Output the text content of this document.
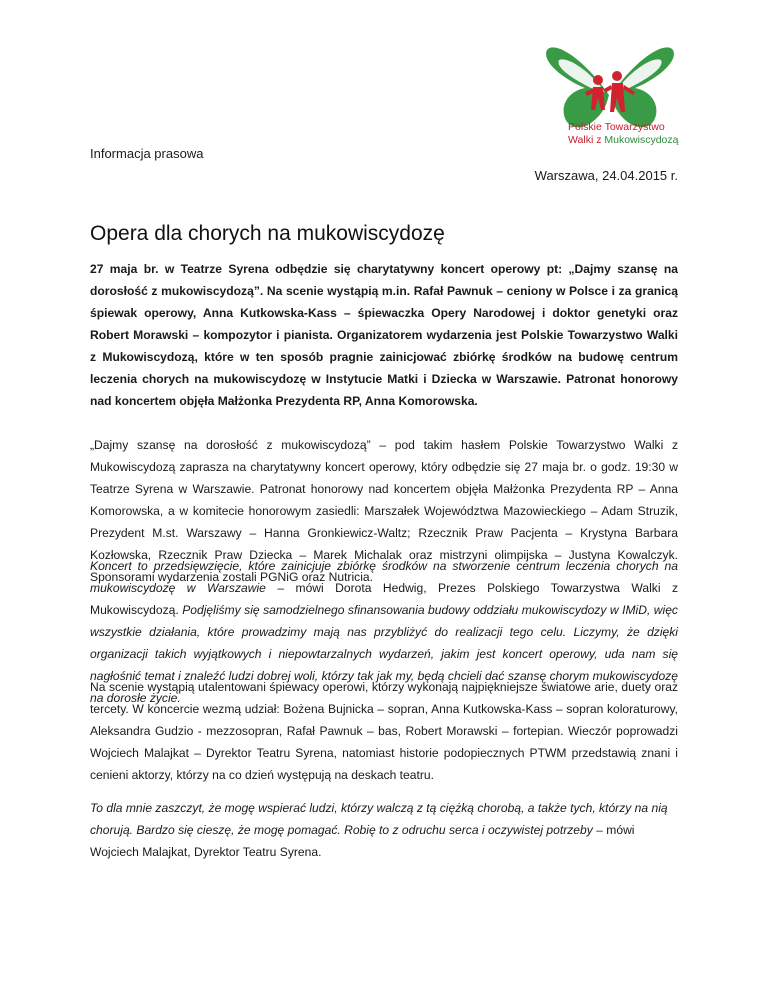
Polskie Towarzystwo
Walki z Mukowiscydozą
Informacja prasowa
Warszawa, 24.04.2015 r.
Opera dla chorych na mukowiscydozę

27 maja br. w Teatrze Syrena odbędzie się charytatywny koncert operowy pt: „Dajmy szansę na dorosłość z mukowiscydozą”. Na scenie wystąpią m.in. Rafał Pawnuk – ceniony w Polsce i za granicą śpiewak operowy, Anna Kutkowska-Kass – śpiewaczka Opery Narodowej i doktor genetyki oraz Robert Morawski – kompozytor i pianista. Organizatorem wydarzenia jest Polskie Towarzystwo Walki z Mukowiscydozą, które w ten sposób pragnie zainicjować zbiórkę środków na budowę centrum leczenia chorych na mukowiscydozę w Instytucie Matki i Dziecka w Warszawie. Patronat honorowy nad koncertem objęła Małżonka Prezydenta RP, Anna Komorowska.

„Dajmy szansę na dorosłość z mukowiscydozą” – pod takim hasłem Polskie Towarzystwo Walki z Mukowiscydozą zaprasza na charytatywny koncert operowy, który odbędzie się 27 maja br. o godz. 19:30 w Teatrze Syrena w Warszawie. Patronat honorowy nad koncertem objęła Małżonka Prezydenta RP – Anna Komorowska, a w komitecie honorowym zasiedli: Marszałek Województwa Mazowieckiego – Adam Struzik, Prezydent M.st. Warszawy – Hanna Gronkiewicz-Waltz; Rzecznik Praw Pacjenta – Krystyna Barbara Kozłowska, Rzecznik Praw Dziecka – Marek Michalak oraz mistrzyni olimpijska – Justyna Kowalczyk. Sponsorami wydarzenia zostali PGNiG oraz Nutricia.

Koncert to przedsięwzięcie, które zainicjuje zbiórkę środków na stworzenie centrum leczenia chorych na mukowiscydozę w Warszawie – mówi Dorota Hedwig, Prezes Polskiego Towarzystwa Walki z Mukowiscydozą. Podjęliśmy się samodzielnego sfinansowania budowy oddziału mukowiscydozy w IMiD, więc wszystkie działania, które prowadzimy mają nas przybliżyć do realizacji tego celu. Liczymy, że dzięki organizacji takich wyjątkowych i niepowtarzalnych wydarzeń, jakim jest koncert operowy, uda nam się nagłośnić temat i znaleźć ludzi dobrej woli, którzy tak jak my, będą chcieli dać szansę chorym mukowiscydozę na dorosłe życie.

Na scenie wystąpią utalentowani śpiewacy operowi, którzy wykonają najpiękniejsze światowe arie, duety oraz tercety. W koncercie wezmą udział: Bożena Bujnicka – sopran, Anna Kutkowska-Kass – sopran koloraturowy, Aleksandra Gudzio - mezzosopran, Rafał Pawnuk – bas, Robert Morawski – fortepian. Wieczór poprowadzi Wojciech Malajkat – Dyrektor Teatru Syrena, natomiast historie podopiecznych PTWM przedstawią znani i cenieni aktorzy, którzy na co dzień występują na deskach teatru.

To dla mnie zaszczyt, że mogę wspierać ludzi, którzy walczą z tą ciężką chorobą, a także tych, którzy na nią chorują. Bardzo się cieszę, że mogę pomagać. Robię to z odruchu serca i oczywistej potrzeby – mówi Wojciech Malajkat, Dyrektor Teatru Syrena.
